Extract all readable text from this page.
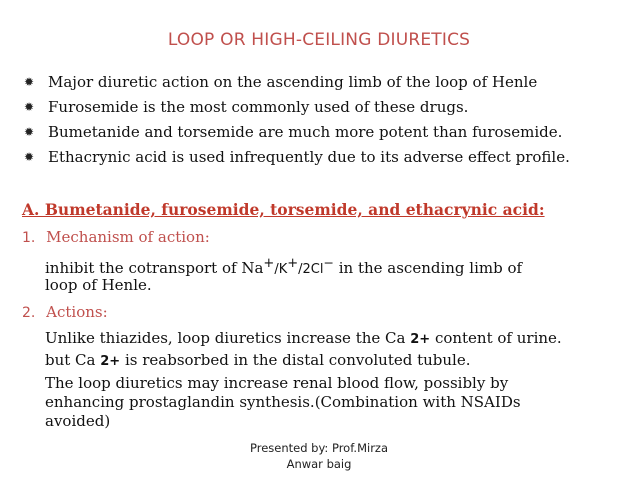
LOOP OR HIGH-CEILING DIURETICS
✹ Major diuretic action on the ascending limb of the loop of Henle
✹ Furosemide is the most commonly used of these drugs.
✹ Bumetanide and torsemide are much more potent than furosemide.
✹ Ethacrynic acid is used infrequently due to its adverse effect profile.
A. Bumetanide, furosemide, torsemide, and ethacrynic acid:
1. Mechanism of action:
inhibit the cotransport of Na+/K+/2Cl− in the ascending limb of
loop of Henle.
2. Actions:
Unlike thiazides, loop diuretics increase the Ca 2+ content of urine.
but Ca 2+ is reabsorbed in the distal convoluted tubule.
The loop diuretics may increase renal blood flow, possibly by
enhancing prostaglandin synthesis.(Combination with NSAIDs
avoided)
Presented by: Prof.Mirza
Anwar baig
